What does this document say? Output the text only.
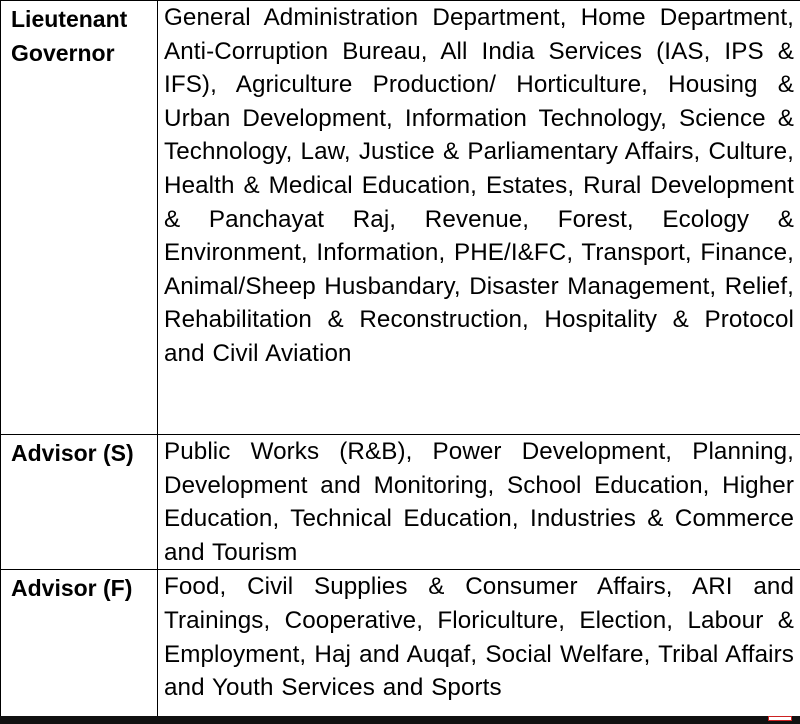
Lieutenant Governor	General Administration Department, Home Department, Anti-Corruption Bureau, All India Services (IAS, IPS & IFS), Agriculture Production/ Horticulture, Housing & Urban Development, Information Technology, Science & Technology, Law, Justice & Parliamentary Affairs, Culture, Health & Medical Education, Estates, Rural Development & Panchayat Raj, Revenue, Forest, Ecology & Environment, Information, PHE/I&FC, Transport, Finance, Animal/Sheep Husbandary, Disaster Management, Relief, Rehabilitation & Reconstruction, Hospitality & Protocol and Civil Aviation
Advisor (S)	Public Works (R&B), Power Development, Planning, Development and Monitoring, School Education, Higher Education, Technical Education, Industries & Commerce and Tourism
Advisor (F)	Food, Civil Supplies & Consumer Affairs, ARI and Trainings, Cooperative, Floriculture, Election, Labour & Employment, Haj and Auqaf, Social Welfare, Tribal Affairs and Youth Services and Sports
